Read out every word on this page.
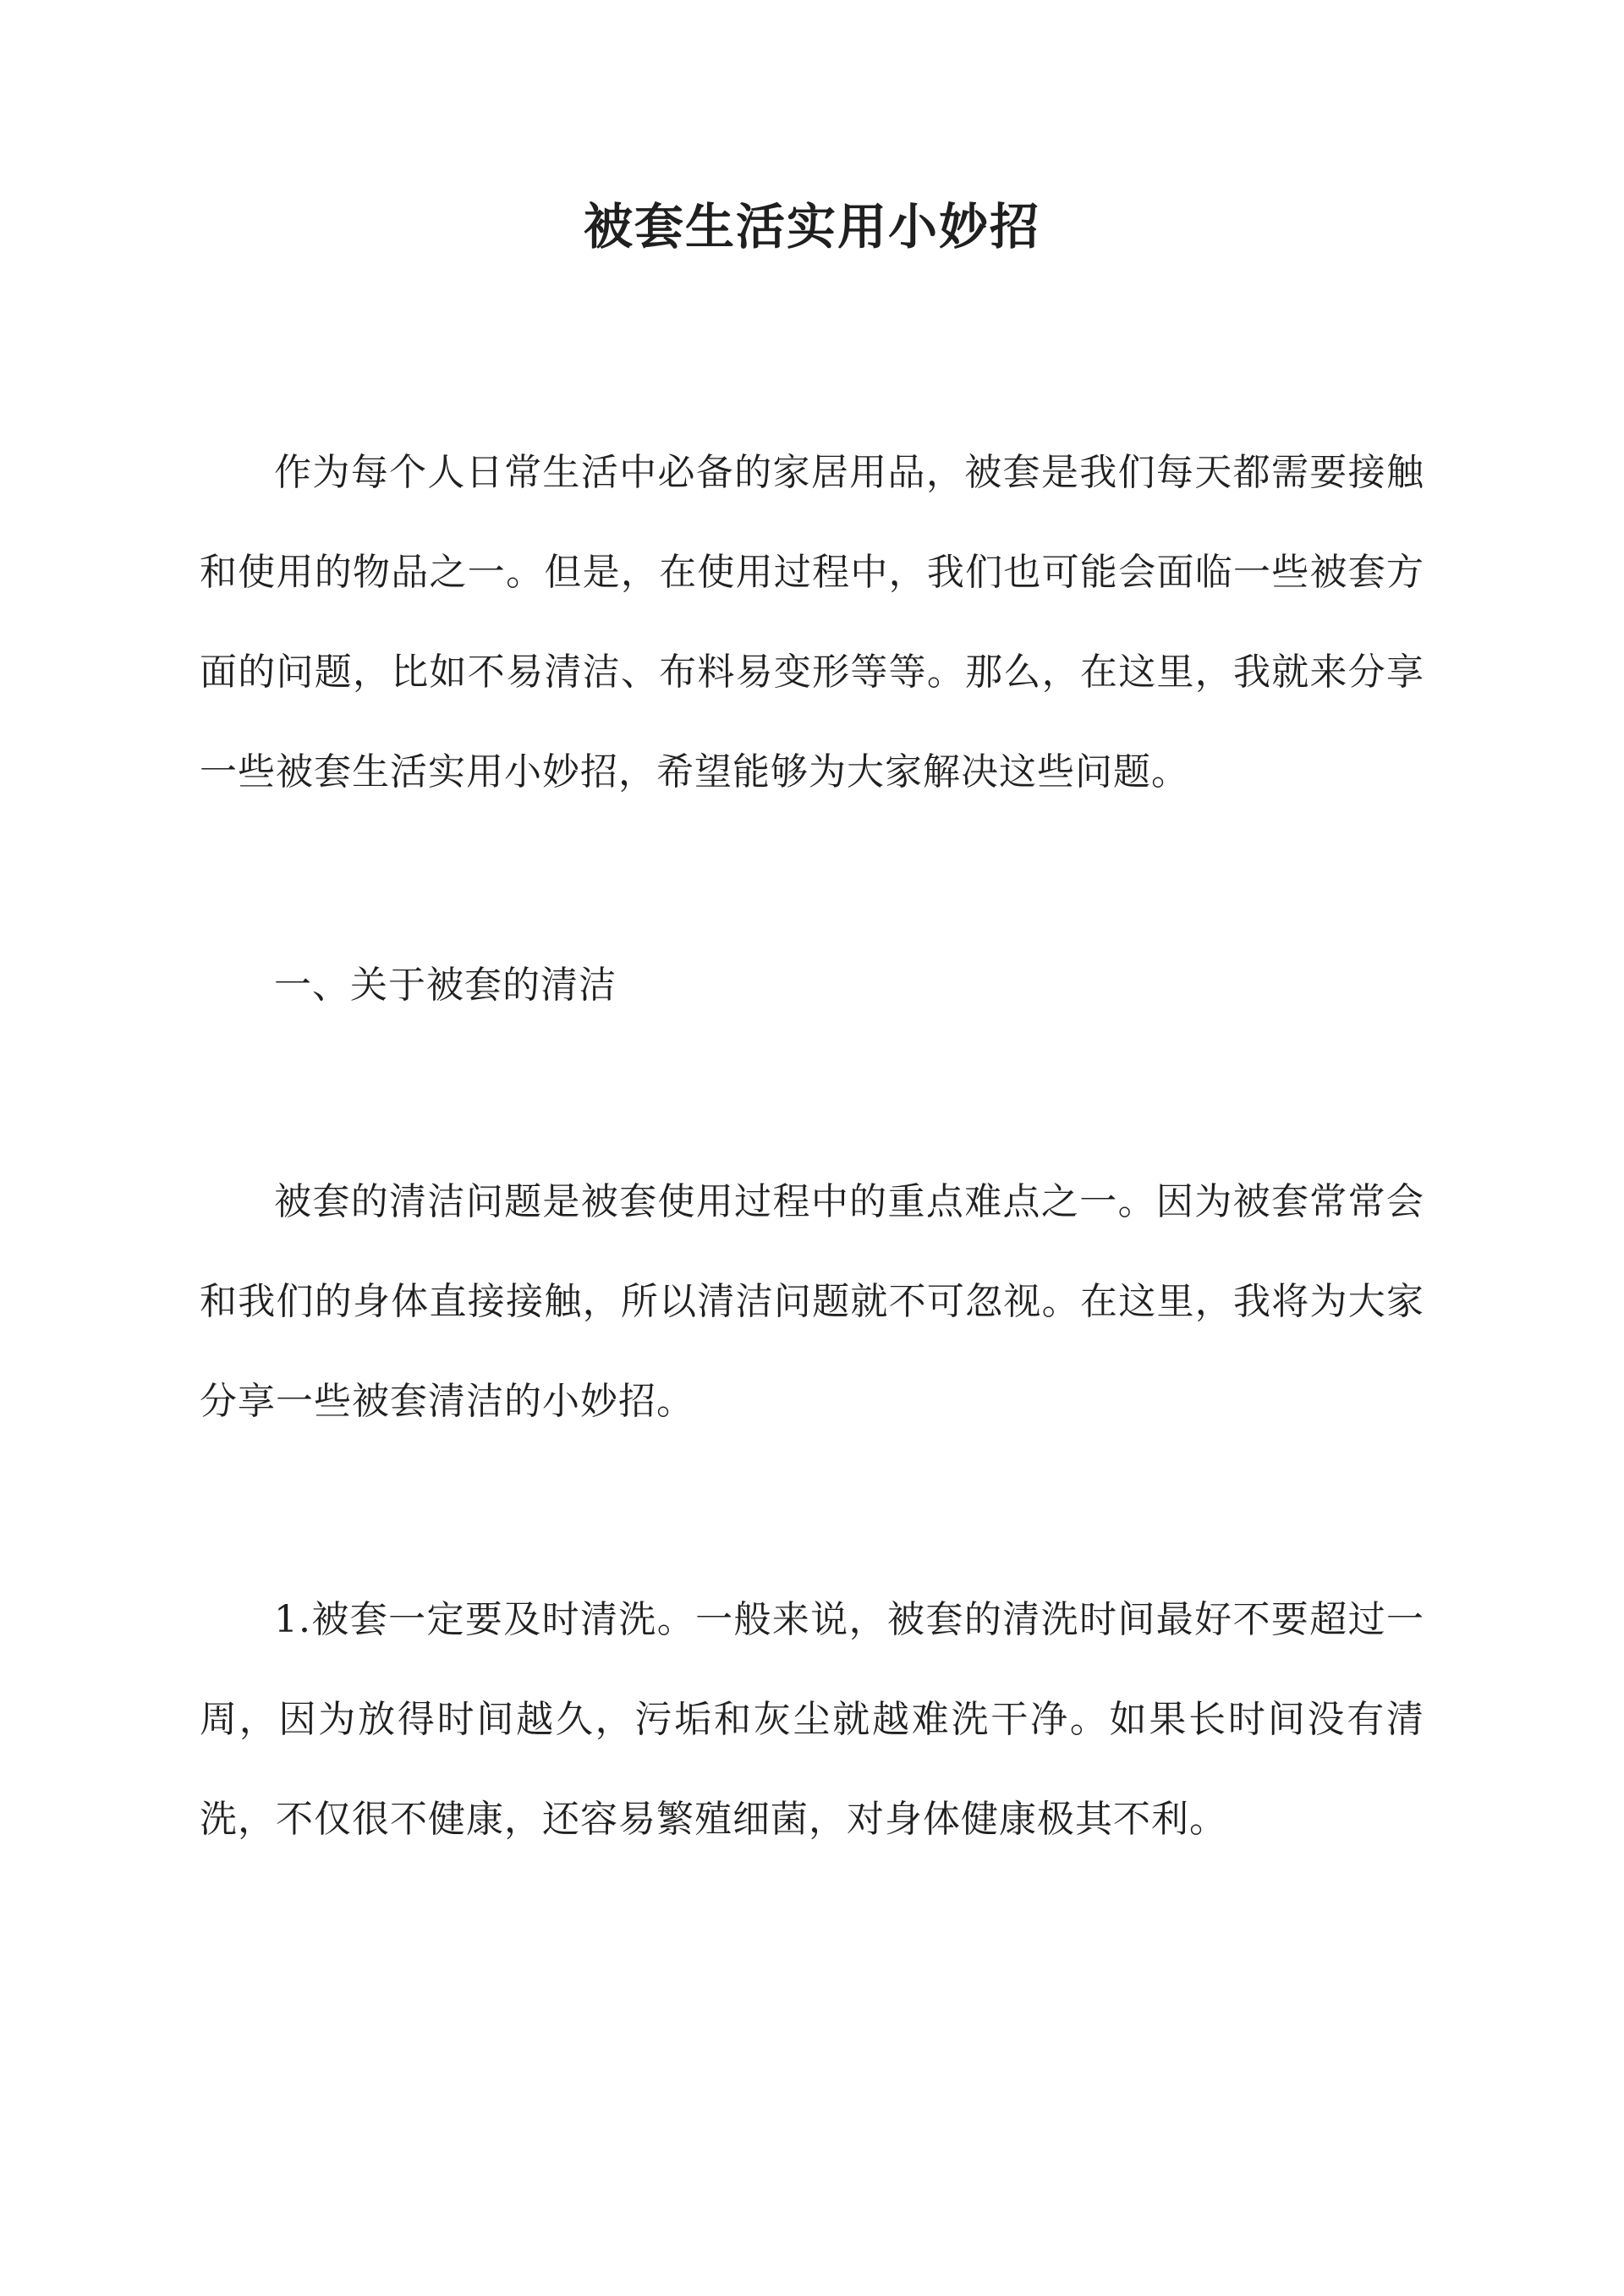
被套生活实用小妙招

作为每个人日常生活中必备的家居用品，被套是我们每天都需要接触和使用的物品之一。但是，在使用过程中，我们也可能会面临一些被套方面的问题，比如不易清洁、布料易变形等等。那么，在这里，我就来分享一些被套生活实用小妙招，希望能够为大家解决这些问题。

一、关于被套的清洁

被套的清洁问题是被套使用过程中的重点难点之一。因为被套常常会和我们的身体直接接触，所以清洁问题就不可忽视。在这里，我将为大家分享一些被套清洁的小妙招。

1.被套一定要及时清洗。一般来说，被套的清洗时间最好不要超过一周，因为放得时间越久，污垢和灰尘就越难洗干净。如果长时间没有清洗，不仅很不健康，还容易繁殖细菌，对身体健康极其不利。
